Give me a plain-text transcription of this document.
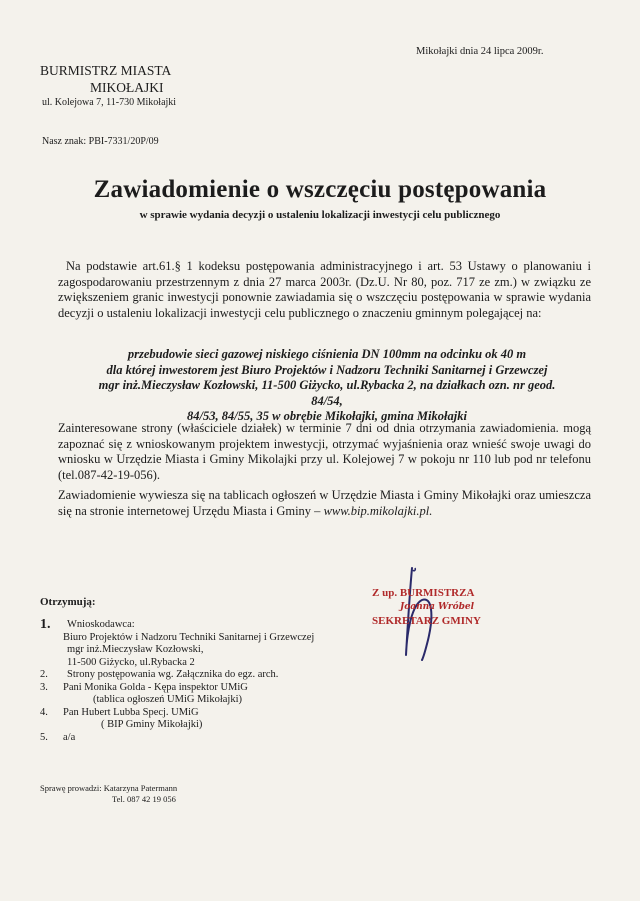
Mikołajki dnia 24 lipca 2009r.
BURMISTRZ MIASTA
MIKOŁAJKI
ul. Kolejowa 7, 11-730 Mikołajki
Nasz znak: PBI-7331/20P/09
Zawiadomienie o wszczęciu postępowania
w sprawie wydania decyzji o ustaleniu lokalizacji inwestycji celu publicznego
Na podstawie art.61.§ 1 kodeksu postępowania administracyjnego i art. 53 Ustawy o planowaniu i zagospodarowaniu przestrzennym z dnia 27 marca 2003r. (Dz.U. Nr 80, poz. 717 ze zm.) w związku ze zwiększeniem granic inwestycji ponownie zawiadamia się o wszczęciu postępowania w sprawie wydania decyzji o ustaleniu lokalizacji inwestycji celu publicznego o znaczeniu gminnym polegającej na:
przebudowie sieci gazowej niskiego ciśnienia DN 100mm na odcinku ok 40 m
dla której inwestorem jest Biuro Projektów i Nadzoru Techniki Sanitarnej i Grzewczej
mgr inż.Mieczysław Kozłowski, 11-500 Giżycko, ul.Rybacka 2, na działkach ozn. nr geod. 84/54,
84/53, 84/55, 35 w obrębie Mikołajki, gmina Mikołajki
Zainteresowane strony (właściciele działek) w terminie 7 dni od dnia otrzymania zawiadomienia. mogą zapoznać się z wnioskowanym projektem inwestycji, otrzymać wyjaśnienia oraz wnieść swoje uwagi do wniosku w Urzędzie Miasta i Gminy Mikolajki przy ul. Kolejowej 7 w pokoju nr 110 lub pod nr telefonu (tel.087-42-19-056).
Zawiadomienie wywiesza się na tablicach ogłoszeń w Urzędzie Miasta i Gminy Mikołajki oraz umieszcza się na stronie internetowej Urzędu Miasta i Gminy – www.bip.mikolajki.pl.
Z up. BURMISTRZA
Joanna Wróbel
SEKRETARZ GMINY
Otrzymują:
1.	Wnioskodawca:
Biuro Projektów i Nadzoru Techniki Sanitarnej i Grzewczej
mgr inż.Mieczysław Kozłowski,
11-500 Giżycko, ul.Rybacka 2
2.	Strony postępowania wg. Załącznika do egz. arch.
3.	Pani Monika Golda - Kępa inspektor UMiG
(tablica ogłoszeń UMiG Mikołajki)
4.	Pan Hubert Lubba Specj. UMiG
( BIP Gminy Mikołajki)
5.	a/a
Sprawę prowadzi: Katarzyna Patermann
Tel. 087 42 19 056
